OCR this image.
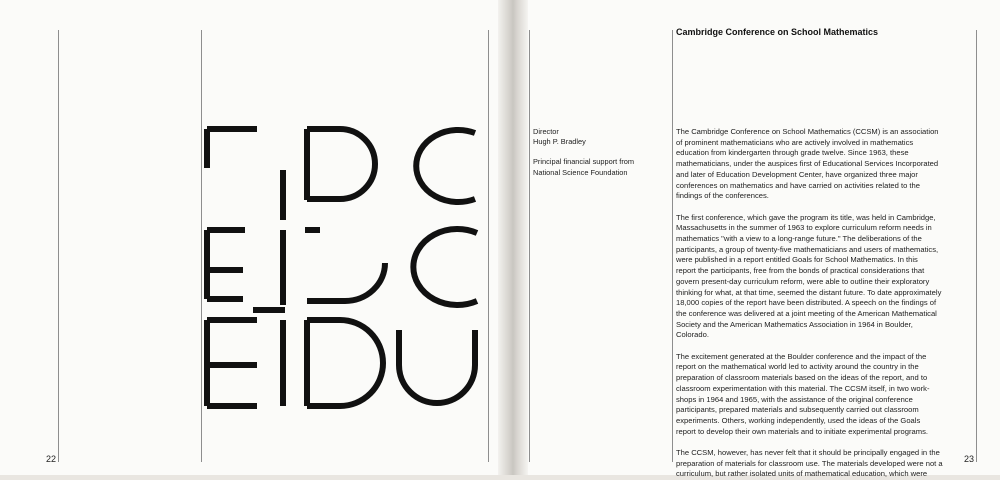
22	23
Cambridge Conference on School Mathematics

Director
Hugh P. Bradley

Principal financial support from
National Science Foundation

The Cambridge Conference on School Mathematics (CCSM) is an association
of prominent mathematicians who are actively involved in mathematics
education from kindergarten through grade twelve. Since 1963, these
mathematicians, under the auspices first of Educational Services Incorporated
and later of Education Development Center, have organized three major
conferences on mathematics and have carried on activities related to the
findings of the conferences.

The first conference, which gave the program its title, was held in Cambridge,
Massachusetts in the summer of 1963 to explore curriculum reform needs in
mathematics "with a view to a long-range future." The deliberations of the
participants, a group of twenty-five mathematicians and users of mathematics,
were published in a report entitled Goals for School Mathematics. In this
report the participants, free from the bonds of practical considerations that
govern present-day curriculum reform, were able to outline their exploratory
thinking for what, at that time, seemed the distant future. To date approximately
18,000 copies of the report have been distributed. A speech on the findings of
the conference was delivered at a joint meeting of the American Mathematical
Society and the American Mathematics Association in 1964 in Boulder,
Colorado.

The excitement generated at the Boulder conference and the impact of the
report on the mathematical world led to activity around the country in the
preparation of classroom materials based on the ideas of the report, and to
classroom experimentation with this material. The CCSM itself, in two work-
shops in 1964 and 1965, with the assistance of the original conference
participants, prepared materials and subsequently carried out classroom
experiments. Others, working independently, used the ideas of the Goals
report to develop their own materials and to initiate experimental programs.

The CCSM, however, has never felt that it should be principally engaged in the
preparation of materials for classroom use. The materials developed were not a
curriculum, but rather isolated units of mathematical education, which were
